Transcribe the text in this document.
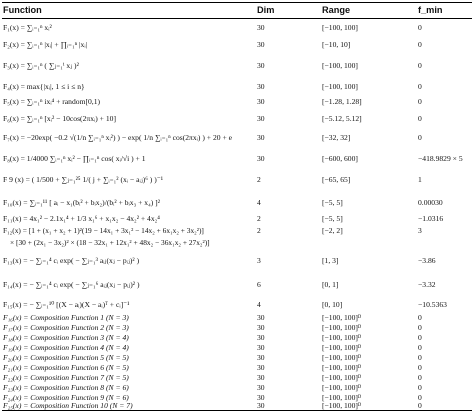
Function	Dim	Range	f_min
F₁(x) = ∑ᵢ₌₁ⁿ xᵢ²	30	[−100, 100]	0
F₂(x) = ∑ᵢ₌₁ⁿ |xᵢ| + ∏ᵢ₌₁ⁿ |xᵢ|	30	[−10, 10]	0
F₃(x) = ∑ᵢ₌₁ⁿ ( ∑ⱼ₌₁ⁱ xⱼ )²	30	[−100, 100]	0
F₄(x) = max{|xᵢ|, 1 ≤ i ≤ n}	30	[−100, 100]	0
F₅(x) = ∑ᵢ₌₁ⁿ ixᵢ⁴ + random[0,1)	30	[−1.28, 1.28]	0
F₆(x) = ∑ᵢ₌₁ⁿ [xᵢ² − 10cos(2πxᵢ) + 10]	30	[−5.12, 5.12]	0
F₇(x) = −20exp( −0.2 √(1/n ∑ᵢ₌₁ⁿ xᵢ²) ) − exp( 1/n ∑ᵢ₌₁ⁿ cos(2πxᵢ) ) + 20 + e	30	[−32, 32]	0
F₈(x) = 1/4000 ∑ᵢ₌₁ⁿ xᵢ² − ∏ᵢ₌₁ⁿ cos( xᵢ/√i ) + 1	30	[−600, 600]	−418.9829 × 5
F 9 (x) = ( 1/500 + ∑ⱼ₌₁²⁵ 1/( j + ∑ᵢ₌₁² (xᵢ − aᵢⱼ)⁶ ) )⁻¹	2	[−65, 65]	1
F₁₀(x) = ∑ᵢ₌₁¹¹ [ aᵢ − x₁(bᵢ² + bᵢx₂)/(bᵢ² + bᵢx₃ + x₄) ]²	4	[−5, 5]	0.00030
F₁₁(x) = 4x₁² − 2.1x₁⁴ + 1/3 x₁⁶ + x₁x₂ − 4x₂² + 4x₂⁴	2	[−5, 5]	−1.0316
F₁₂(x) = [1 + (x₁ + x₂ + 1)²(19 − 14x₁ + 3x₁² − 14x₂ + 6x₁x₂ + 3x₂²)]	2	[−2, 2]	3
× [30 + (2x₁ − 3x₂)² × (18 − 32x₁ + 12x₁² + 48x₂ − 36x₁x₂ + 27x₂²)]
F₁₃(x) = − ∑ᵢ₌₁⁴ cᵢ exp( − ∑ⱼ₌₁³ aᵢⱼ(xⱼ − pᵢⱼ)² )	3	[1, 3]	−3.86
F₁₄(x) = − ∑ᵢ₌₁⁴ cᵢ exp( − ∑ⱼ₌₁⁶ aᵢⱼ(xⱼ − pᵢⱼ)² )	6	[0, 1]	−3.32
F₁₅(x) = − ∑ᵢ₌₁¹⁰ [(X − aᵢ)(X − aᵢ)ᵀ + cᵢ]⁻¹	4	[0, 10]	−10.5363
F₁₆(x) = Composition Function 1 (N = 3)	30	[−100, 100]ᴰ	0
F₁₇(x) = Composition Function 2 (N = 3)	30	[−100, 100]ᴰ	0
F₁₈(x) = Composition Function 3 (N = 4)	30	[−100, 100]ᴰ	0
F₁₉(x) = Composition Function 4 (N = 4)	30	[−100, 100]ᴰ	0
F₂₀(x) = Composition Function 5 (N = 5)	30	[−100, 100]ᴰ	0
F₂₁(x) = Composition Function 6 (N = 5)	30	[−100, 100]ᴰ	0
F₂₂(x) = Composition Function 7 (N = 5)	30	[−100, 100]ᴰ	0
F₂₃(x) = Composition Function 8 (N = 6)	30	[−100, 100]ᴰ	0
F₂₄(x) = Composition Function 9 (N = 6)	30	[−100, 100]ᴰ	0
F₂₅(x) = Composition Function 10 (N = 7)	30	[−100, 100]ᴰ	0
